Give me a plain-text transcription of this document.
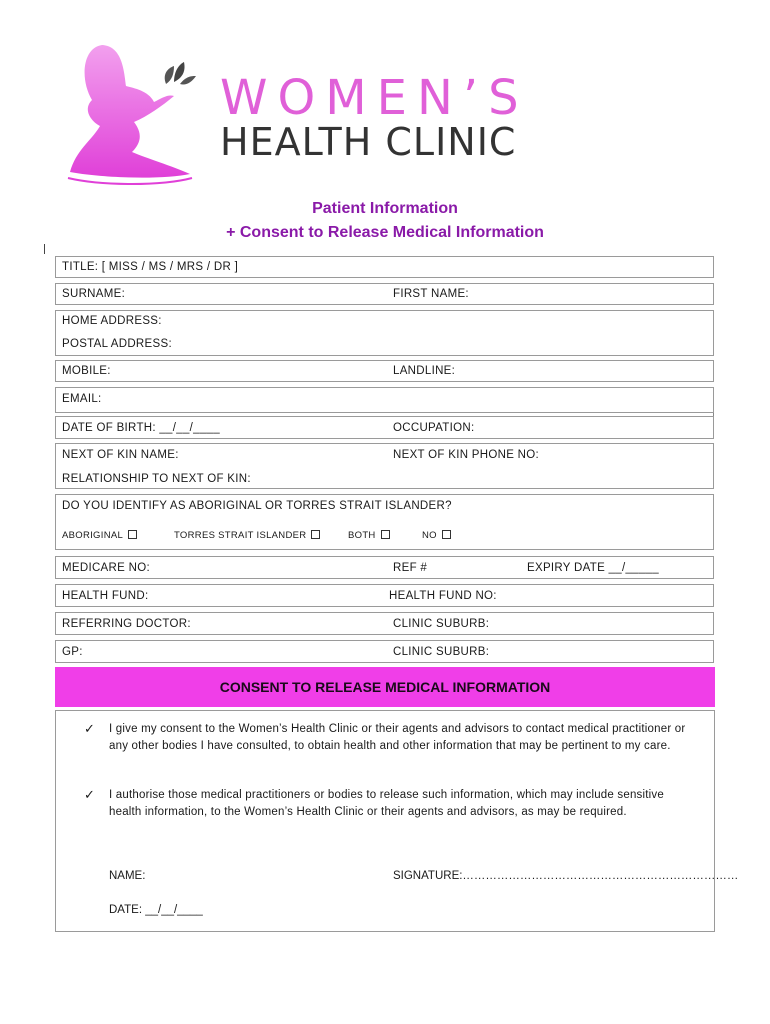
WOMEN’S
HEALTH CLINIC
Patient Information
+ Consent to Release Medical Information
TITLE: [ MISS / MS / MRS / DR ]
SURNAME:	FIRST NAME:
HOME ADDRESS:
POSTAL ADDRESS:
MOBILE:	LANDLINE:
EMAIL:
DATE OF BIRTH: __/__/____	OCCUPATION:
NEXT OF KIN NAME:	NEXT OF KIN PHONE NO:
RELATIONSHIP TO NEXT OF KIN:
DO YOU IDENTIFY AS ABORIGINAL OR TORRES STRAIT ISLANDER?
ABORIGINAL	TORRES STRAIT ISLANDER	BOTH	NO
MEDICARE NO:	REF #	EXPIRY DATE __/_____
HEALTH FUND:	HEALTH FUND NO:
REFERRING DOCTOR:	CLINIC SUBURB:
GP:	CLINIC SUBURB:
CONSENT TO RELEASE MEDICAL INFORMATION
✓ I give my consent to the Women’s Health Clinic or their agents and advisors to contact medical practitioner or any other bodies I have consulted, to obtain health and other information that may be pertinent to my care.
✓ I authorise those medical practitioners or bodies to release such information, which may include sensitive health information, to the Women’s Health Clinic or their agents and advisors, as may be required.
NAME:	SIGNATURE:………………………………………………………………
DATE: __/__/____
